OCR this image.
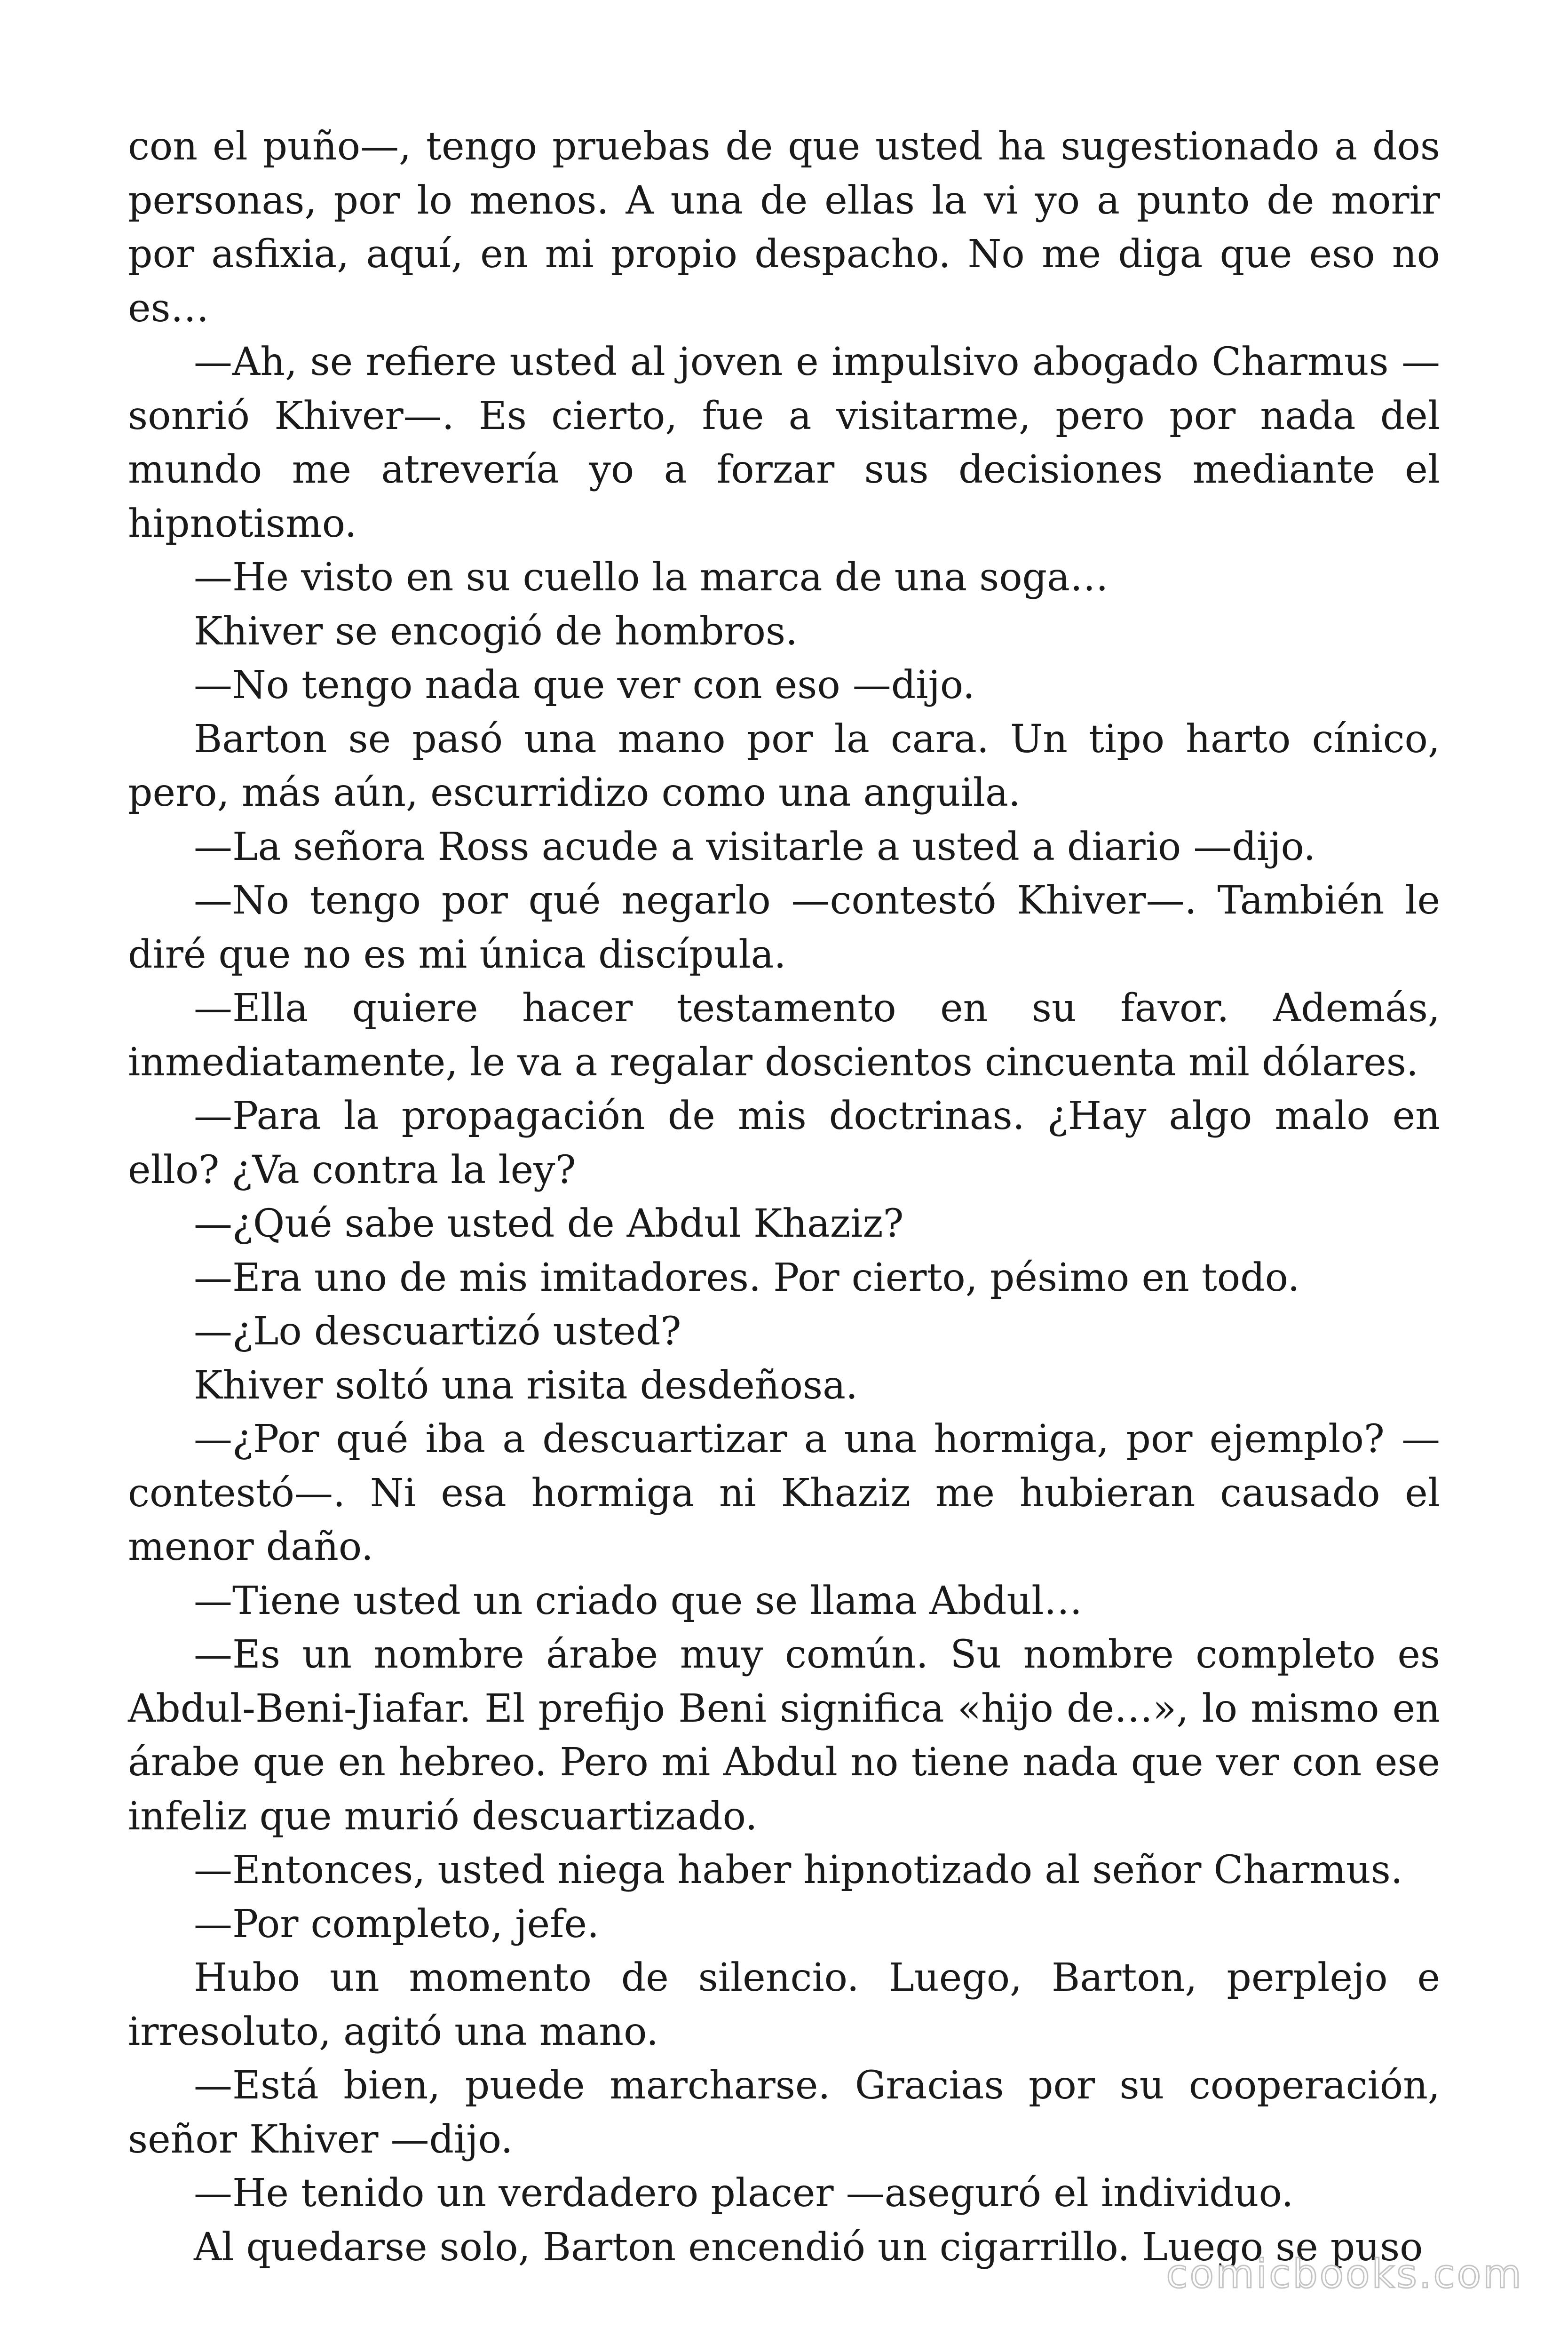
con el puño—, tengo pruebas de que usted ha sugestionado a dos personas, por lo menos. A una de ellas la vi yo a punto de morir por asfixia, aquí, en mi propio despacho. No me diga que eso no es…

—Ah, se refiere usted al joven e impulsivo abogado Charmus —sonrió Khiver—. Es cierto, fue a visitarme, pero por nada del mundo me atrevería yo a forzar sus decisiones mediante el hipnotismo.

—He visto en su cuello la marca de una soga…

Khiver se encogió de hombros.

—No tengo nada que ver con eso —dijo.

Barton se pasó una mano por la cara. Un tipo harto cínico, pero, más aún, escurridizo como una anguila.

—La señora Ross acude a visitarle a usted a diario —dijo.

—No tengo por qué negarlo —contestó Khiver—. También le diré que no es mi única discípula.

—Ella quiere hacer testamento en su favor. Además, inmediatamente, le va a regalar doscientos cincuenta mil dólares.

—Para la propagación de mis doctrinas. ¿Hay algo malo en ello? ¿Va contra la ley?

—¿Qué sabe usted de Abdul Khaziz?

—Era uno de mis imitadores. Por cierto, pésimo en todo.

—¿Lo descuartizó usted?

Khiver soltó una risita desdeñosa.

—¿Por qué iba a descuartizar a una hormiga, por ejemplo? —contestó—. Ni esa hormiga ni Khaziz me hubieran causado el menor daño.

—Tiene usted un criado que se llama Abdul…

—Es un nombre árabe muy común. Su nombre completo es Abdul-Beni-Jiafar. El prefijo Beni significa «hijo de…», lo mismo en árabe que en hebreo. Pero mi Abdul no tiene nada que ver con ese infeliz que murió descuartizado.

—Entonces, usted niega haber hipnotizado al señor Charmus.

—Por completo, jefe.

Hubo un momento de silencio. Luego, Barton, perplejo e irresoluto, agitó una mano.

—Está bien, puede marcharse. Gracias por su cooperación, señor Khiver —dijo.

—He tenido un verdadero placer —aseguró el individuo.

Al quedarse solo, Barton encendió un cigarrillo. Luego se puso

comicbooks.com
